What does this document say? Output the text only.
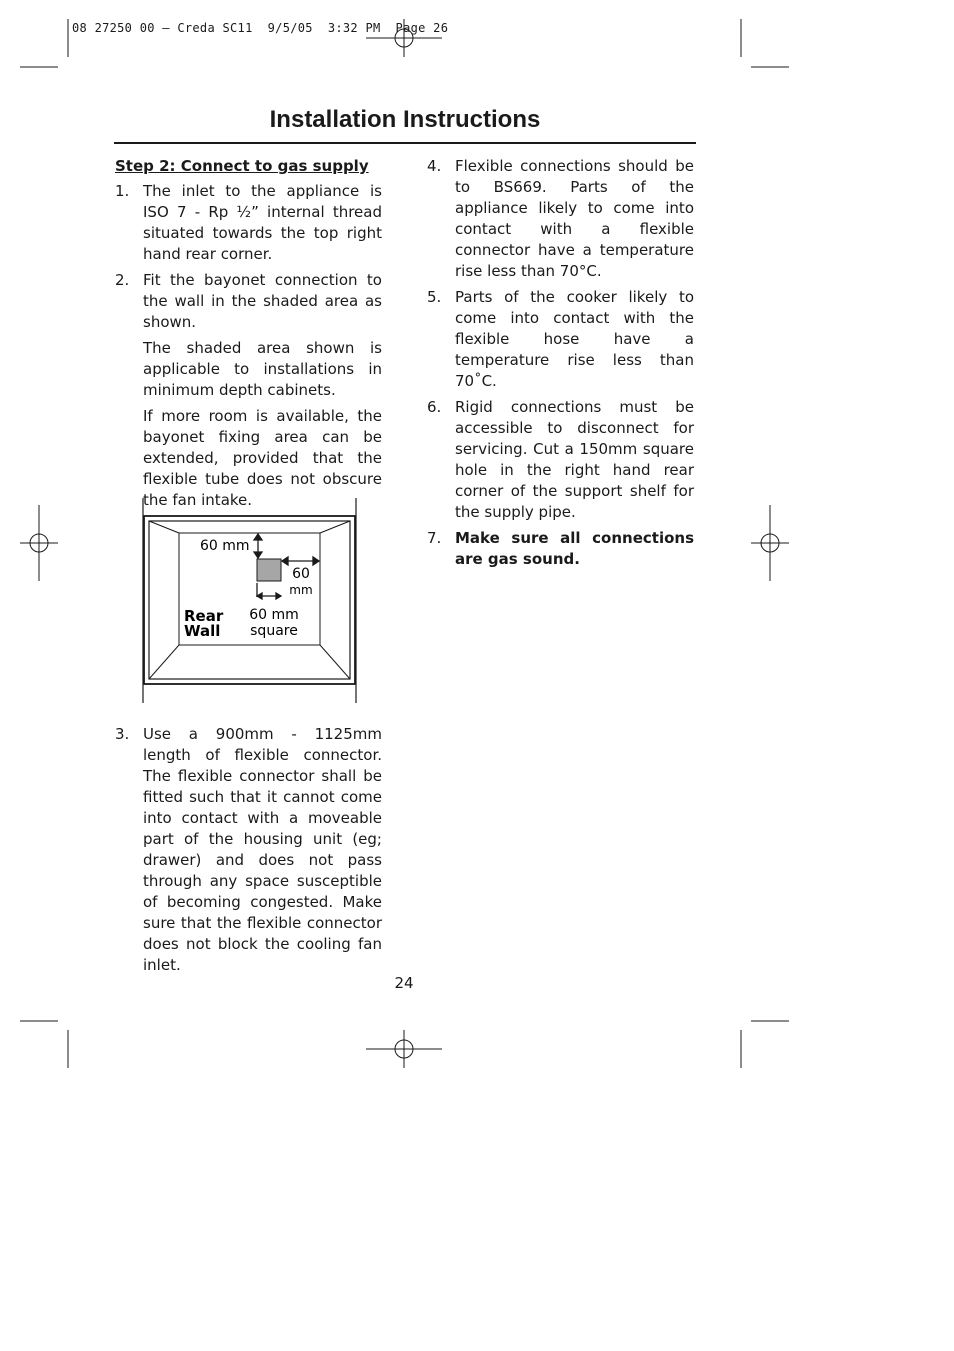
08 27250 00 – Creda SC11  9/5/05  3:32 PM  Page 26
Installation Instructions
Step 2: Connect to gas supply
1. The inlet to the appliance is ISO 7 - Rp ½” internal thread situated towards the top right hand rear corner.

2. Fit the bayonet connection to the wall in the shaded area as shown.

The shaded area shown is applicable to installations in minimum depth cabinets.

If more room is available, the bayonet fixing area can be extended, provided that the flexible tube does not obscure the fan intake.

60 mm
60
mm
Rear
Wall
60 mm
square
3. Use a 900mm - 1125mm length of flexible connector. The flexible connector shall be fitted such that it cannot come into contact with a moveable part of the housing unit (eg; drawer) and does not pass through any space susceptible of becoming congested. Make sure that the flexible connector does not block the cooling fan inlet.

4. Flexible connections should be to BS669. Parts of the appliance likely to come into contact with a flexible connector have a temperature rise less than 70°C.

5. Parts of the cooker likely to come into contact with the flexible hose have a temperature rise less than 70˚C.

6. Rigid connections must be accessible to disconnect for servicing. Cut a 150mm square hole in the right hand rear corner of the support shelf for the supply pipe.

7. Make sure all connections are gas sound.

24
